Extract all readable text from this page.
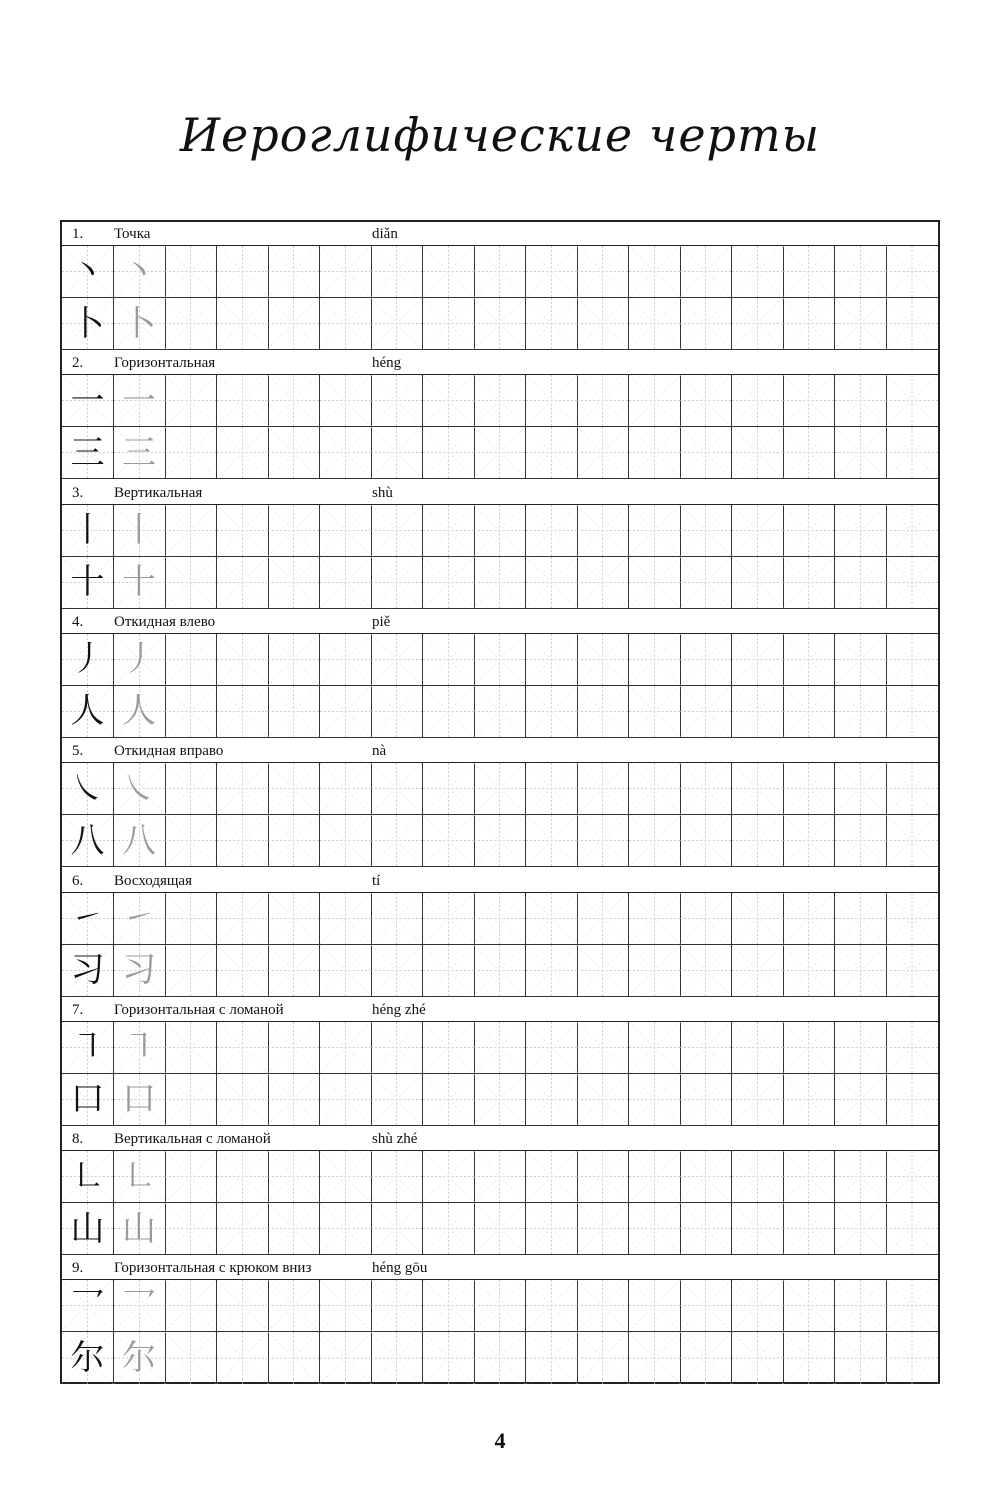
Иероглифические черты
1. Точка	diǎn
丶 丶
卜 卜
2. Горизонтальная	héng
一 一
三 三
3. Вертикальная	shù
丨 丨
十 十
4. Откидная влево	piě
丿 丿
人 人
5. Откидная вправо	nà
㇏ ㇏
八 八
6. Восходящая	tí
㇀ ㇀
习 习
7. Горизонтальная с ломаной	héng zhé
㇕ ㇕
口 口
8. Вертикальная с ломаной	shù zhé
㇗ ㇗
山 山
9. Горизонтальная с крюком вниз	héng gōu
乛 乛
尔 尔
4
